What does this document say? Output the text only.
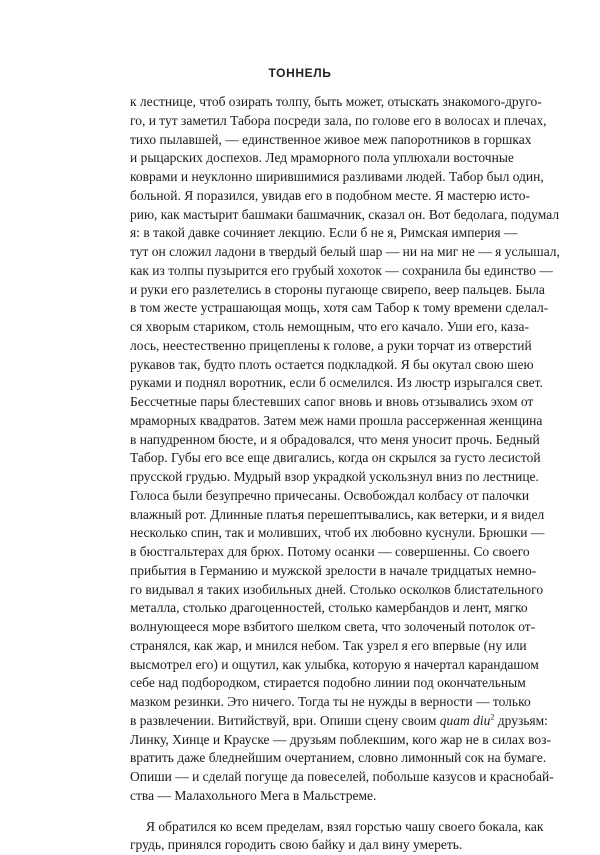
ТОННЕЛЬ
к лестнице, чтоб озирать толпу, быть может, отыскать знакомого-друго-
го, и тут заметил Табора посреди зала, по голове его в волосах и плечах,
тихо пылавшей, — единственное живое меж папоротников в горшках
и рыцарских доспехов. Лед мраморного пола уплюхали восточные
коврами и неуклонно ширившимися разливами людей. Табор был один,
больной. Я поразился, увидав его в подобном месте. Я мастерю исто-
рию, как мастырит башмаки башмачник, сказал он. Вот бедолага, подумал
я: в такой давке сочиняет лекцию. Если б не я, Римская империя —
тут он сложил ладони в твердый белый шар — ни на миг не — я услышал,
как из толпы пузырится его грубый хохоток — сохранила бы единство —
и руки его разлетелись в стороны пугающе свирепо, веер пальцев. Была
в том жесте устрашающая мощь, хотя сам Табор к тому времени сделал-
ся хворым стариком, столь немощным, что его качало. Уши его, каза-
лось, неестественно прицеплены к голове, а руки торчат из отверстий
рукавов так, будто плоть остается подкладкой. Я бы окутал свою шею
руками и поднял воротник, если б осмелился. Из люстр изрыгался свет.
Бессчетные пары блестевших сапог вновь и вновь отзывались эхом от
мраморных квадратов. Затем меж нами прошла рассерженная женщина
в напудренном бюсте, и я обрадовался, что меня уносит прочь. Бедный
Табор. Губы его все еще двигались, когда он скрылся за густо лесистой
прусской грудью. Мудрый взор украдкой ускользнул вниз по лестнице.
Голоса были безупречно причесаны. Освобождал колбасу от палочки
влажный рот. Длинные платья перешептывались, как ветерки, и я видел
несколько спин, так и моливших, чтоб их любовно куснули. Брюшки —
в бюстгальтерах для брюх. Потому осанки — совершенны. Со своего
прибытия в Германию и мужской зрелости в начале тридцатых немно-
го видывал я таких изобильных дней. Столько осколков блистательного
металла, столько драгоценностей, столько камербандов и лент, мягко
волнующееся море взбитого шелком света, что золоченый потолок от-
странялся, как жар, и мнился небом. Так узрел я его впервые (ну или
высмотрел его) и ощутил, как улыбка, которую я начертал карандашом
себе над подбородком, стирается подобно линии под окончательным
мазком резинки. Это ничего. Тогда ты не нужды в верности — только
в развлечении. Витийствуй, ври. Опиши сцену своим quam diu$^2$ друзьям:
Линку, Хинце и Крауске — друзьям поблекшим, кого жар не в силах воз-
вратить даже бледнейшим очертанием, словно лимонный сок на бумаге.
Опиши — и сделай погуще да повеселей, побольше казусов и краснобай-
ства — Малахольного Мега в Мальстреме.
Я обратился ко всем пределам, взял горстью чашу своего бокала, как
грудь, принялся городить свою байку и дал вину умереть.
